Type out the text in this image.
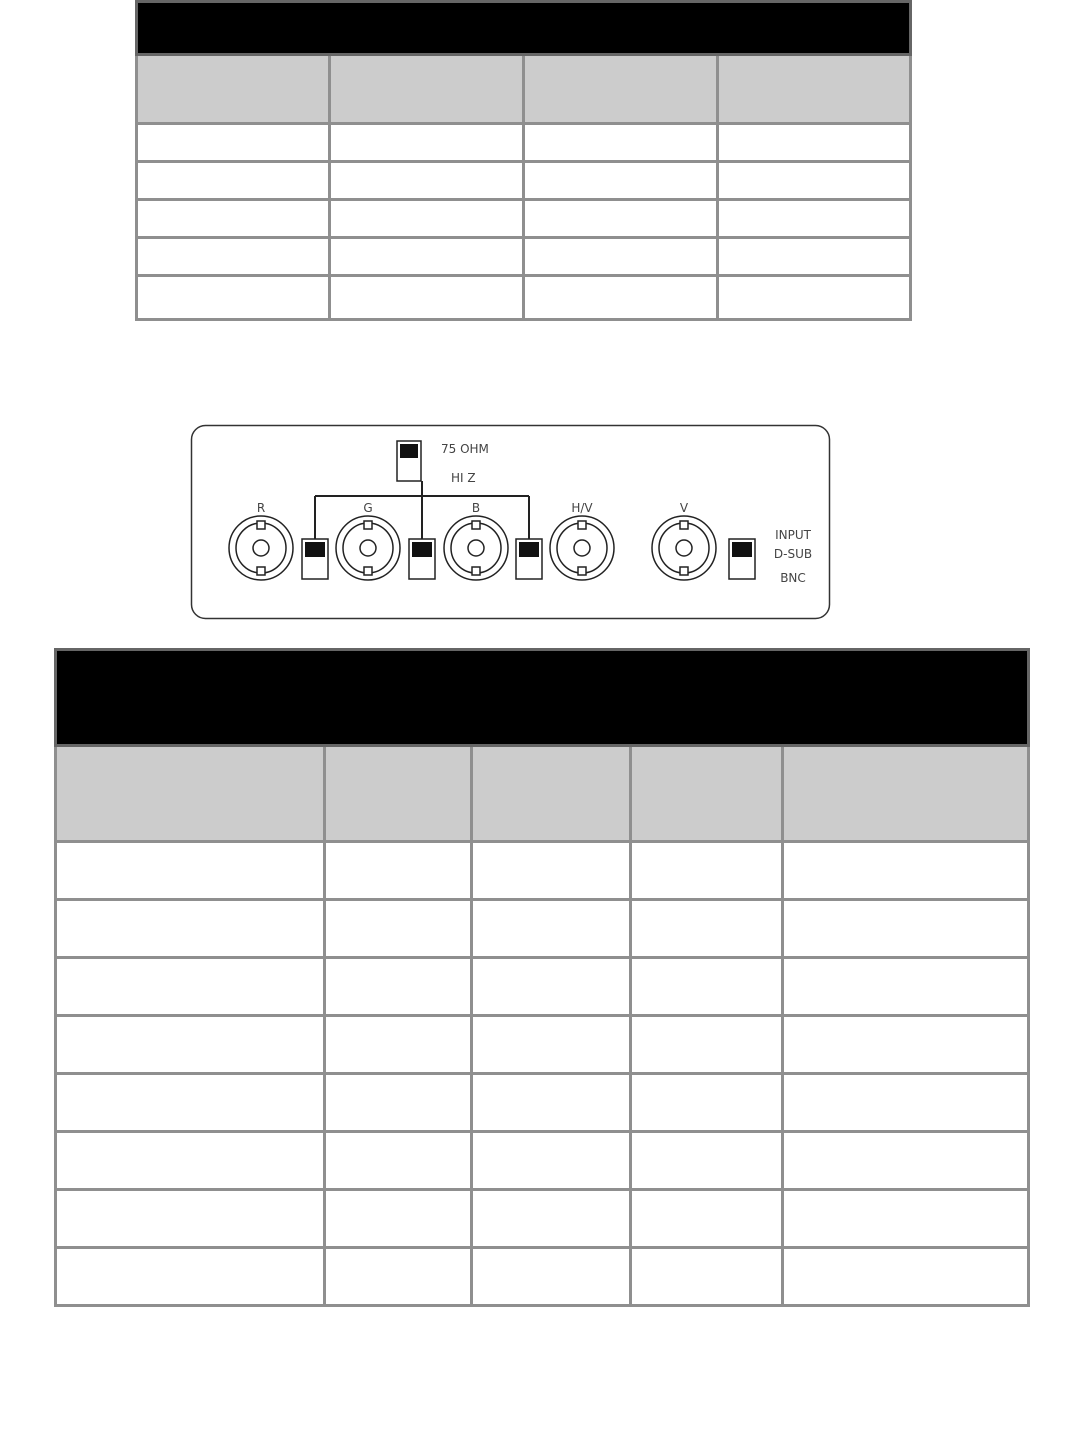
75 OHM
HI Z
R	G	B	H/V	V
INPUT
D-SUB
BNC
